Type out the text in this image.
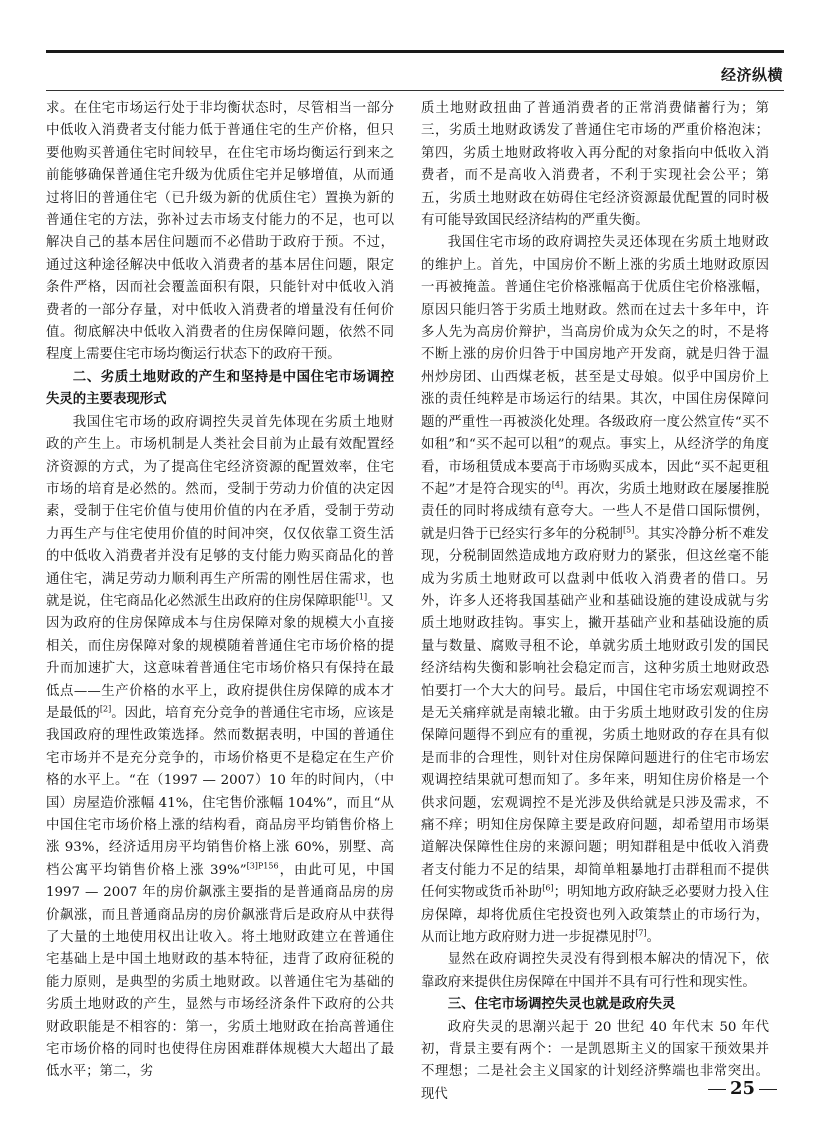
经济纵横

求。在住宅市场运行处于非均衡状态时，尽管相当一部分中低收入消费者支付能力低于普通住宅的生产价格，但只要他购买普通住宅时间较早，在住宅市场均衡运行到来之前能够确保普通住宅升级为优质住宅并足够增值，从而通过将旧的普通住宅（已升级为新的优质住宅）置换为新的普通住宅的方法，弥补过去市场支付能力的不足，也可以解决自己的基本居住问题而不必借助于政府于预。不过，通过这种途径解决中低收入消费者的基本居住问题，限定条件严格，因而社会覆盖面积有限，只能针对中低收入消费者的一部分存量，对中低收入消费者的增量没有任何价值。彻底解决中低收入消费者的住房保障问题，依然不同程度上需要住宅市场均衡运行状态下的政府干预。

二、劣质土地财政的产生和坚持是中国住宅市场调控失灵的主要表现形式

我国住宅市场的政府调控失灵首先体现在劣质土地财政的产生上。市场机制是人类社会目前为止最有效配置经济资源的方式，为了提高住宅经济资源的配置效率，住宅市场的培育是必然的。然而，受制于劳动力价值的决定因素，受制于住宅价值与使用价值的内在矛盾，受制于劳动力再生产与住宅使用价值的时间冲突，仅仅依靠工资生活的中低收入消费者并没有足够的支付能力购买商品化的普通住宅，满足劳动力顺利再生产所需的刚性居住需求，也就是说，住宅商品化必然派生出政府的住房保障职能[1]。又因为政府的住房保障成本与住房保障对象的规模大小直接相关，而住房保障对象的规模随着普通住宅市场价格的提升而加速扩大，这意味着普通住宅市场价格只有保持在最低点——生产价格的水平上，政府提供住房保障的成本才是最低的[2]。因此，培育充分竞争的普通住宅市场，应该是我国政府的理性政策选择。然而数据表明，中国的普通住宅市场并不是充分竞争的，市场价格更不是稳定在生产价格的水平上。“在（1997 — 2007）10 年的时间内，（中国）房屋造价涨幅 41%，住宅售价涨幅 104%”，而且“从中国住宅市场价格上涨的结构看，商品房平均销售价格上涨 93%，经济适用房平均销售价格上涨 60%，别墅、高档公寓平均销售价格上涨 39%”$^{[3]P156}$，由此可见，中国 1997 — 2007 年的房价飙涨主要指的是普通商品房的房价飙涨，而且普通商品房的房价飙涨背后是政府从中获得了大量的土地使用权出让收入。将土地财政建立在普通住宅基础上是中国土地财政的基本特征，违背了政府征税的能力原则，是典型的劣质土地财政。以普通住宅为基础的劣质土地财政的产生，显然与市场经济条件下政府的公共财政职能是不相容的：第一，劣质土地财政在抬高普通住宅市场价格的同时也使得住房困难群体规模大大超出了最低水平；第二，劣

质土地财政扭曲了普通消费者的正常消费储蓄行为；第三，劣质土地财政诱发了普通住宅市场的严重价格泡沫；第四，劣质土地财政将收入再分配的对象指向中低收入消费者，而不是高收入消费者，不利于实现社会公平；第五，劣质土地财政在妨碍住宅经济资源最优配置的同时极有可能导致国民经济结构的严重失衡。

我国住宅市场的政府调控失灵还体现在劣质土地财政的维护上。首先，中国房价不断上涨的劣质土地财政原因一再被掩盖。普通住宅价格涨幅高于优质住宅价格涨幅，原因只能归答于劣质土地财政。然而在过去十多年中，许多人先为高房价辩护，当高房价成为众矢之的时，不是将不断上涨的房价归咎于中国房地产开发商，就是归咎于温州炒房团、山西煤老板，甚至是丈母娘。似乎中国房价上涨的责任纯粹是市场运行的结果。其次，中国住房保障问题的严重性一再被淡化处理。各级政府一度公然宣传“买不如租”和“买不起可以租”的观点。事实上，从经济学的角度看，市场租赁成本要高于市场购买成本，因此“买不起更租不起”才是符合现实的[4]。再次，劣质土地财政在屡屡推脱责任的同时将成绩有意夸大。一些人不是借口国际惯例，就是归咎于已经实行多年的分税制[5]。其实冷静分析不难发现，分税制固然造成地方政府财力的紧张，但这丝毫不能成为劣质土地财政可以盘剥中低收入消费者的借口。另外，许多人还将我国基础产业和基础设施的建设成就与劣质土地财政挂钩。事实上，撇开基础产业和基础设施的质量与数量、腐败寻租不论，单就劣质土地财政引发的国民经济结构失衡和影响社会稳定而言，这种劣质土地财政恐怕要打一个大大的问号。最后，中国住宅市场宏观调控不是无关痛痒就是南辕北辙。由于劣质土地财政引发的住房保障问题得不到应有的重视，劣质土地财政的存在具有似是而非的合理性，则针对住房保障问题进行的住宅市场宏观调控结果就可想而知了。多年来，明知住房价格是一个供求问题，宏观调控不是光涉及供给就是只涉及需求，不痛不痒；明知住房保障主要是政府问题，却希望用市场渠道解决保障性住房的来源问题；明知群租是中低收入消费者支付能力不足的结果，却简单粗暴地打击群租而不提供任何实物或货币补助[6]；明知地方政府缺乏必要财力投入住房保障，却将优质住宅投资也列入政策禁止的市场行为，从而让地方政府财力进一步捉襟见肘[7]。

显然在政府调控失灵没有得到根本解决的情况下，依靠政府来提供住房保障在中国并不具有可行性和现实性。

三、住宅市场调控失灵也就是政府失灵

政府失灵的思潮兴起于 20 世纪 40 年代末 50 年代初，背景主要有两个：一是凯恩斯主义的国家干预效果并不理想；二是社会主义国家的计划经济弊端也非常突出。现代	25
